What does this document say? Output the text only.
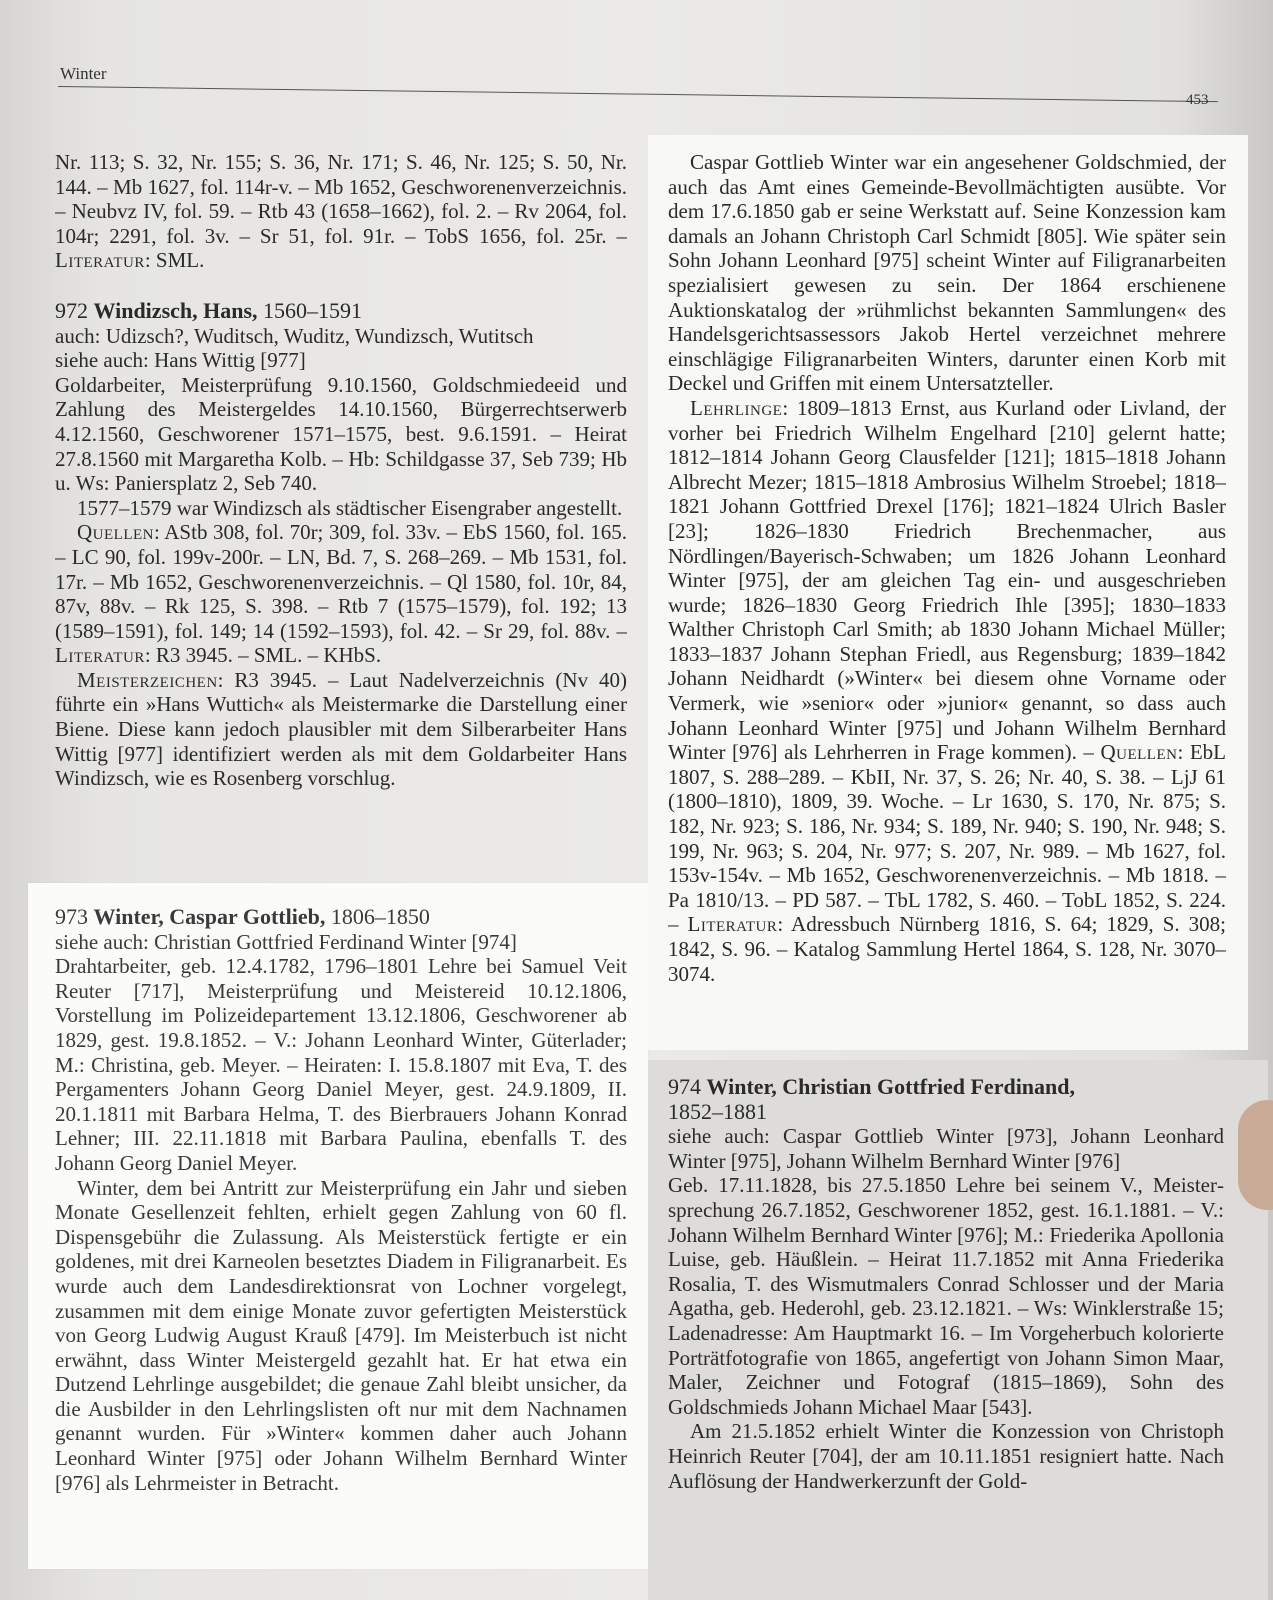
Winter
453

Nr. 113; S. 32, Nr. 155; S. 36, Nr. 171; S. 46, Nr. 125; S. 50, Nr. 144. – Mb 1627, fol. 114r-v. – Mb 1652, Geschworenenverzeichnis. – Neubvz IV, fol. 59. – Rtb 43 (1658–1662), fol. 2. – Rv 2064, fol. 104r; 2291, fol. 3v. – Sr 51, fol. 91r. – TobS 1656, fol. 25r. – Literatur: SML.

972 Windizsch, Hans, 1560–1591

auch: Udizsch?, Wuditsch, Wuditz, Wundizsch, Wutitsch

siehe auch: Hans Wittig [977]

Goldarbeiter, Meisterprüfung 9.10.1560, Goldschmiedeeid und Zahlung des Meistergeldes 14.10.1560, Bürgerrechtserwerb 4.12.1560, Geschworener 1571–1575, best. 9.6.1591. – Heirat 27.8.1560 mit Margaretha Kolb. – Hb: Schildgasse 37, Seb 739; Hb u. Ws: Paniersplatz 2, Seb 740.

1577–1579 war Windizsch als städtischer Eisengraber angestellt.

Quellen: AStb 308, fol. 70r; 309, fol. 33v. – EbS 1560, fol. 165. – LC 90, fol. 199v-200r. – LN, Bd. 7, S. 268–269. – Mb 1531, fol. 17r. – Mb 1652, Geschworenenverzeichnis. – Ql 1580, fol. 10r, 84, 87v, 88v. – Rk 125, S. 398. – Rtb 7 (1575–1579), fol. 192; 13 (1589–1591), fol. 149; 14 (1592–1593), fol. 42. – Sr 29, fol. 88v. – Literatur: R3 3945. – SML. – KHbS.

Meisterzeichen: R3 3945. – Laut Nadelverzeichnis (Nv 40) führte ein »Hans Wuttich« als Meistermarke die Darstellung einer Biene. Diese kann jedoch plausibler mit dem Silberarbeiter Hans Wittig [977] identifiziert werden als mit dem Goldarbeiter Hans Windizsch, wie es Rosenberg vorschlug.

973 Winter, Caspar Gottlieb, 1806–1850

siehe auch: Christian Gottfried Ferdinand Winter [974]

Drahtarbeiter, geb. 12.4.1782, 1796–1801 Lehre bei Samuel Veit Reuter [717], Meisterprüfung und Meistereid 10.12.1806, Vorstellung im Polizeidepartement 13.12.1806, Geschworener ab 1829, gest. 19.8.1852. – V.: Johann Leonhard Winter, Güterlader; M.: Christina, geb. Meyer. – Heiraten: I. 15.8.1807 mit Eva, T. des Pergamenters Johann Georg Daniel Meyer, gest. 24.9.1809, II. 20.1.1811 mit Barbara Helma, T. des Bierbrauers Johann Konrad Lehner; III. 22.11.1818 mit Barbara Paulina, ebenfalls T. des Johann Georg Daniel Meyer.

Winter, dem bei Antritt zur Meisterprüfung ein Jahr und sieben Monate Gesellenzeit fehlten, erhielt gegen Zahlung von 60 fl. Dispensgebühr die Zulassung. Als Meisterstück fertigte er ein goldenes, mit drei Karneolen besetztes Diadem in Filigranarbeit. Es wurde auch dem Landesdirektionsrat von Lochner vorgelegt, zusammen mit dem einige Monate zuvor gefertigten Meisterstück von Georg Ludwig August Krauß [479]. Im Meisterbuch ist nicht erwähnt, dass Winter Meistergeld gezahlt hat. Er hat etwa ein Dutzend Lehrlinge ausgebildet; die genaue Zahl bleibt unsicher, da die Ausbilder in den Lehrlingslisten oft nur mit dem Nachnamen genannt wurden. Für »Winter« kommen daher auch Johann Leonhard Winter [975] oder Johann Wilhelm Bernhard Winter [976] als Lehrmeister in Betracht.

Caspar Gottlieb Winter war ein angesehener Goldschmied, der auch das Amt eines Gemeinde-Bevollmächtigten ausübte. Vor dem 17.6.1850 gab er seine Werkstatt auf. Seine Konzession kam damals an Johann Christoph Carl Schmidt [805]. Wie später sein Sohn Johann Leonhard [975] scheint Winter auf Filigranarbeiten spezialisiert gewesen zu sein. Der 1864 erschienene Auktionskatalog der »rühmlichst bekannten Sammlungen« des Handelsgerichtsassessors Jakob Hertel verzeichnet mehrere einschlägige Filigranarbeiten Winters, darunter einen Korb mit Deckel und Griffen mit einem Untersatzteller.

Lehrlinge: 1809–1813 Ernst, aus Kurland oder Livland, der vorher bei Friedrich Wilhelm Engelhard [210] gelernt hatte; 1812–1814 Johann Georg Clausfelder [121]; 1815–1818 Johann Albrecht Mezer; 1815–1818 Ambrosius Wilhelm Stroebel; 1818–1821 Johann Gottfried Drexel [176]; 1821–1824 Ulrich Basler [23]; 1826–1830 Friedrich Brechenmacher, aus Nördlingen/Bayerisch-Schwaben; um 1826 Johann Leonhard Winter [975], der am gleichen Tag ein- und ausgeschrieben wurde; 1826–1830 Georg Friedrich Ihle [395]; 1830–1833 Walther Christoph Carl Smith; ab 1830 Johann Michael Müller; 1833–1837 Johann Stephan Friedl, aus Regensburg; 1839–1842 Johann Neidhardt (»Winter« bei diesem ohne Vorname oder Vermerk, wie »senior« oder »junior« genannt, so dass auch Johann Leonhard Winter [975] und Johann Wilhelm Bernhard Winter [976] als Lehrherren in Frage kommen). – Quellen: EbL 1807, S. 288–289. – KbII, Nr. 37, S. 26; Nr. 40, S. 38. – LjJ 61 (1800–1810), 1809, 39. Woche. – Lr 1630, S. 170, Nr. 875; S. 182, Nr. 923; S. 186, Nr. 934; S. 189, Nr. 940; S. 190, Nr. 948; S. 199, Nr. 963; S. 204, Nr. 977; S. 207, Nr. 989. – Mb 1627, fol. 153v-154v. – Mb 1652, Geschworenenverzeichnis. – Mb 1818. – Pa 1810/13. – PD 587. – TbL 1782, S. 460. – TobL 1852, S. 224. – Literatur: Adressbuch Nürnberg 1816, S. 64; 1829, S. 308; 1842, S. 96. – Katalog Sammlung Hertel 1864, S. 128, Nr. 3070–3074.

974 Winter, Christian Gottfried Ferdinand,
1852–1881

siehe auch: Caspar Gottlieb Winter [973], Johann Leonhard Winter [975], Johann Wilhelm Bernhard Winter [976]

Geb. 17.11.1828, bis 27.5.1850 Lehre bei seinem V., Meistersprechung 26.7.1852, Geschworener 1852, gest. 16.1.1881. – V.: Johann Wilhelm Bernhard Winter [976]; M.: Friederika Apollonia Luise, geb. Häußlein. – Heirat 11.7.1852 mit Anna Friederika Rosalia, T. des Wismutmalers Conrad Schlosser und der Maria Agatha, geb. Hederohl, geb. 23.12.1821. – Ws: Winklerstraße 15; Ladenadresse: Am Hauptmarkt 16. – Im Vorgeherbuch kolorierte Porträtfotografie von 1865, angefertigt von Johann Simon Maar, Maler, Zeichner und Fotograf (1815–1869), Sohn des Goldschmieds Johann Michael Maar [543].

Am 21.5.1852 erhielt Winter die Konzession von Christoph Heinrich Reuter [704], der am 10.11.1851 resigniert hatte. Nach Auflösung der Handwerkerzunft der Gold-
